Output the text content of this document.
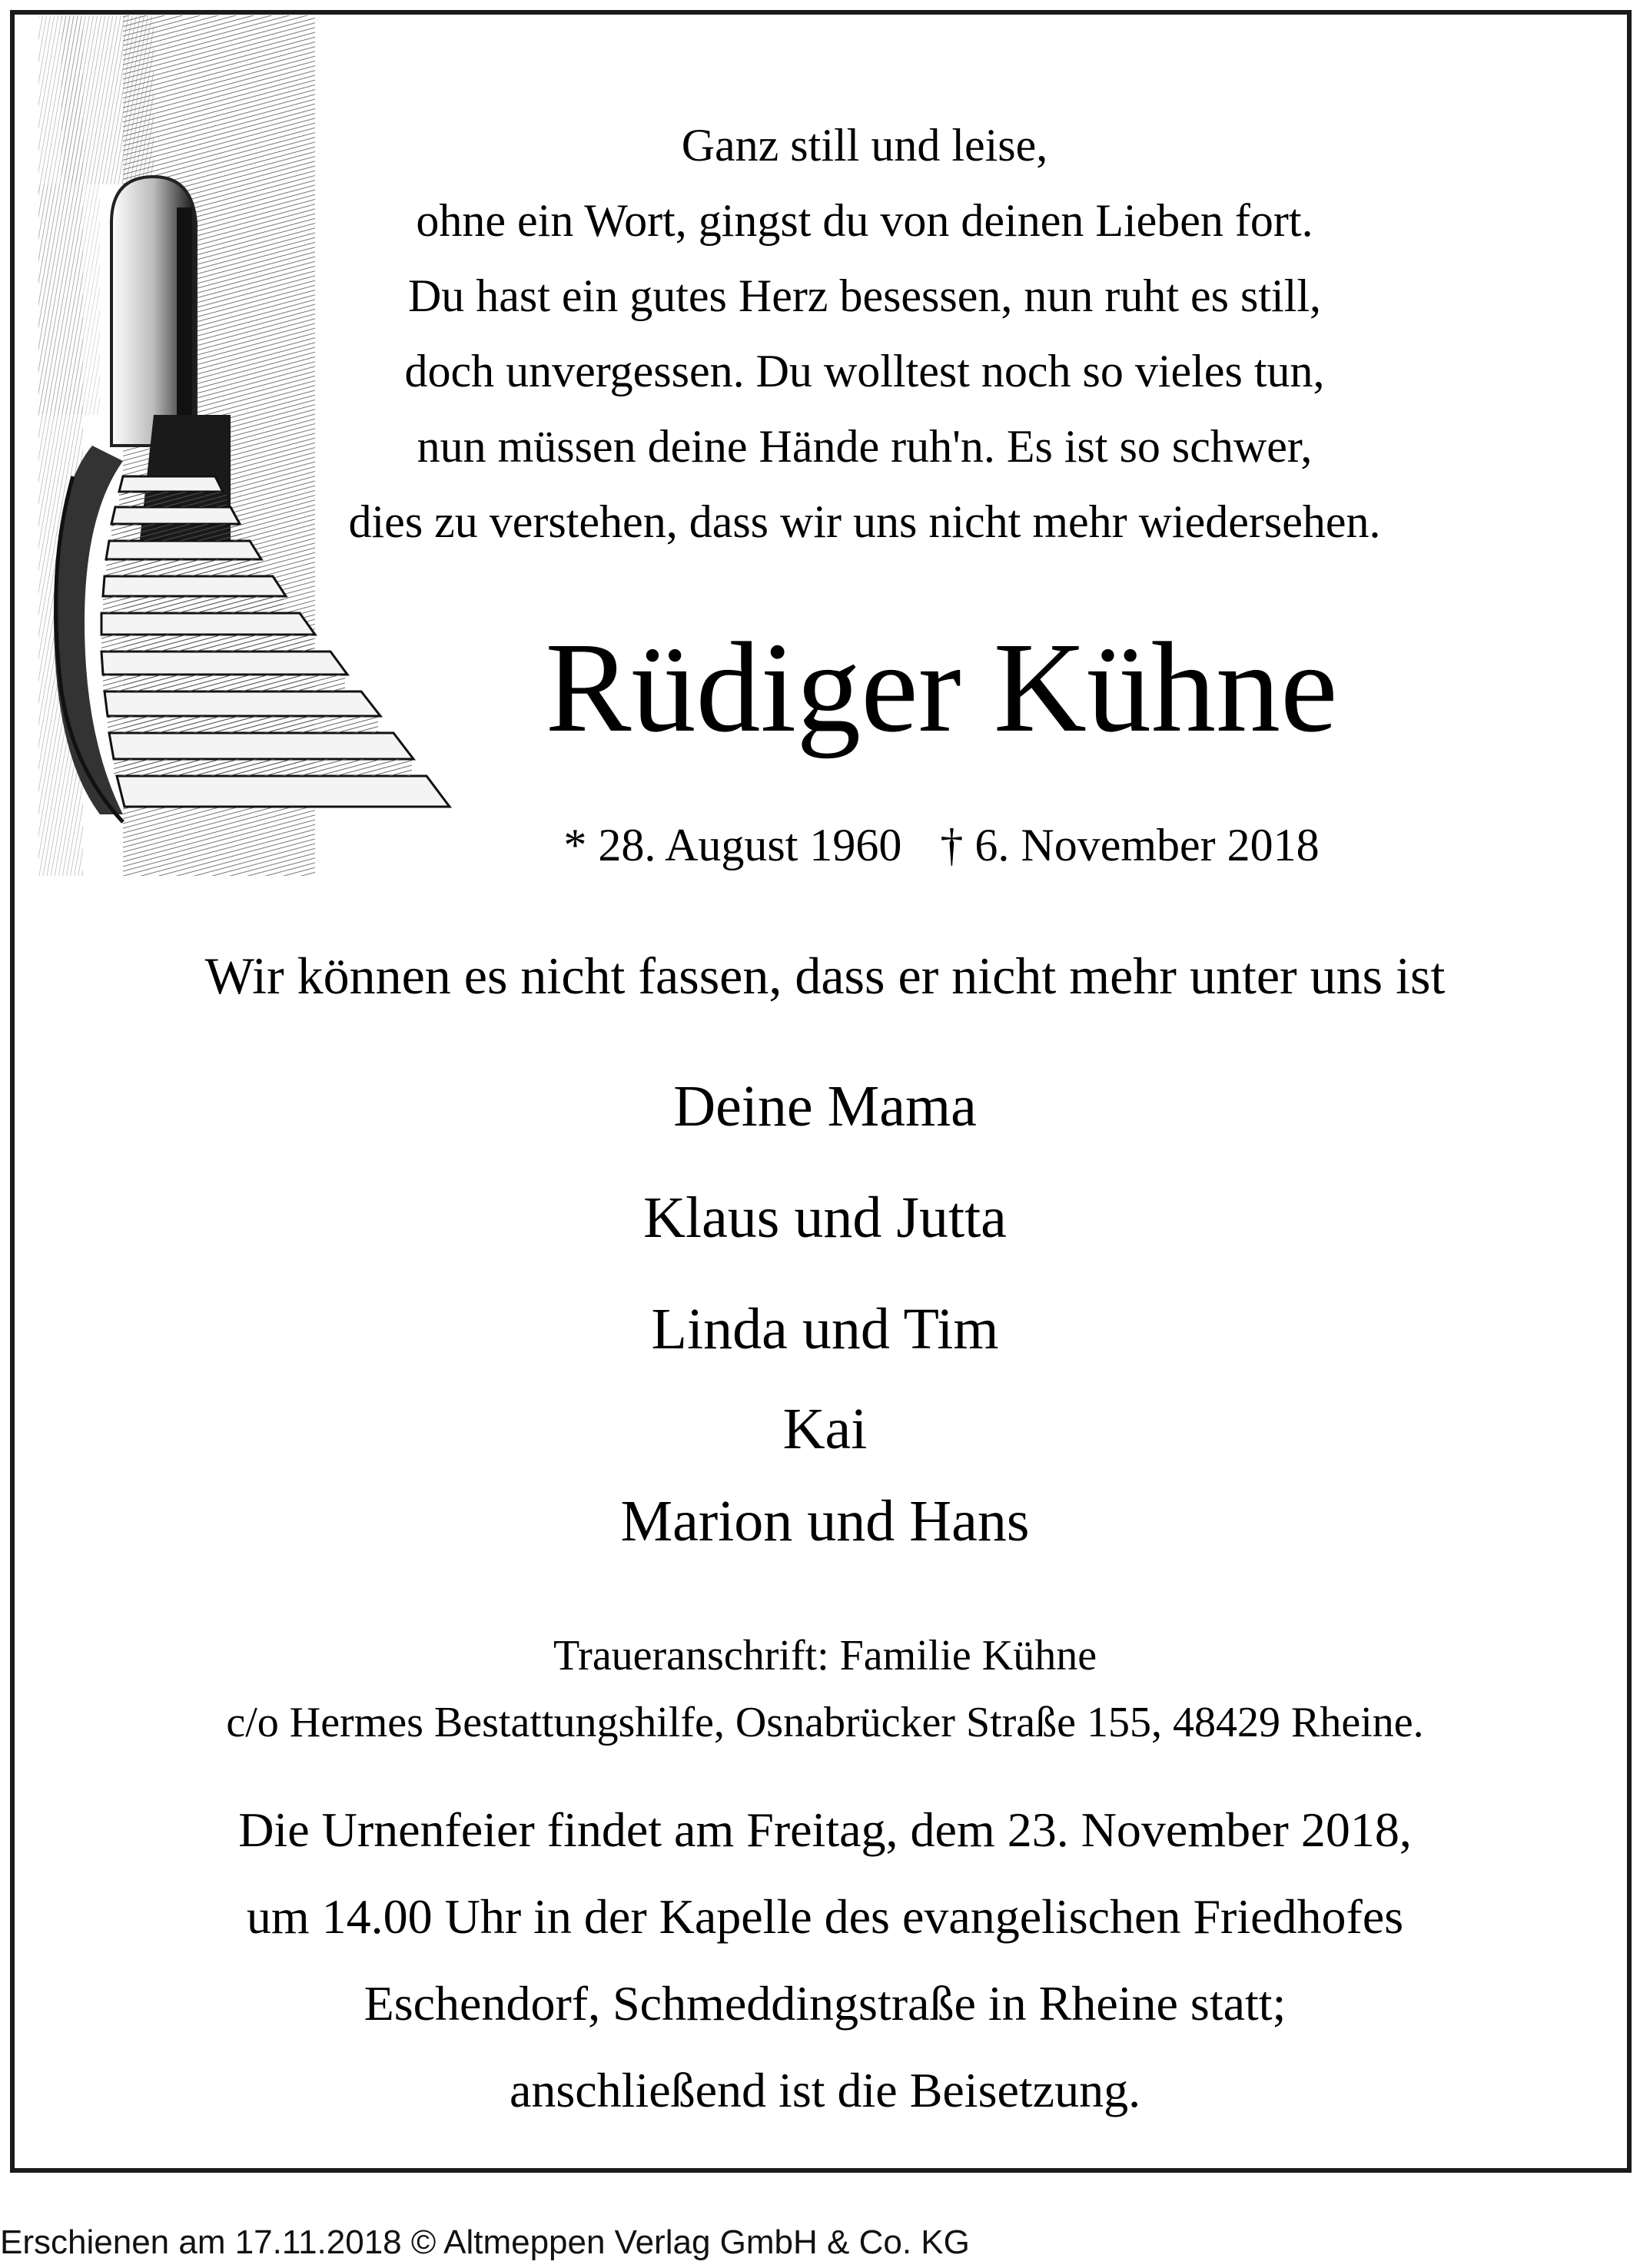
Ganz still und leise,
ohne ein Wort, gingst du von deinen Lieben fort.
Du hast ein gutes Herz besessen, nun ruht es still,
doch unvergessen. Du wolltest noch so vieles tun,
nun müssen deine Hände ruh'n. Es ist so schwer,
dies zu verstehen, dass wir uns nicht mehr wiedersehen.
Rüdiger Kühne
* 28. August 1960 † 6. November 2018
Wir können es nicht fassen, dass er nicht mehr unter uns ist
Deine Mama
Klaus und Jutta
Linda und Tim
Kai
Marion und Hans
Traueranschrift: Familie Kühne
c/o Hermes Bestattungshilfe, Osnabrücker Straße 155, 48429 Rheine.
Die Urnenfeier findet am Freitag, dem 23. November 2018,
um 14.00 Uhr in der Kapelle des evangelischen Friedhofes
Eschendorf, Schmeddingstraße in Rheine statt;
anschließend ist die Beisetzung.
Erschienen am 17.11.2018 © Altmeppen Verlag GmbH & Co. KG
